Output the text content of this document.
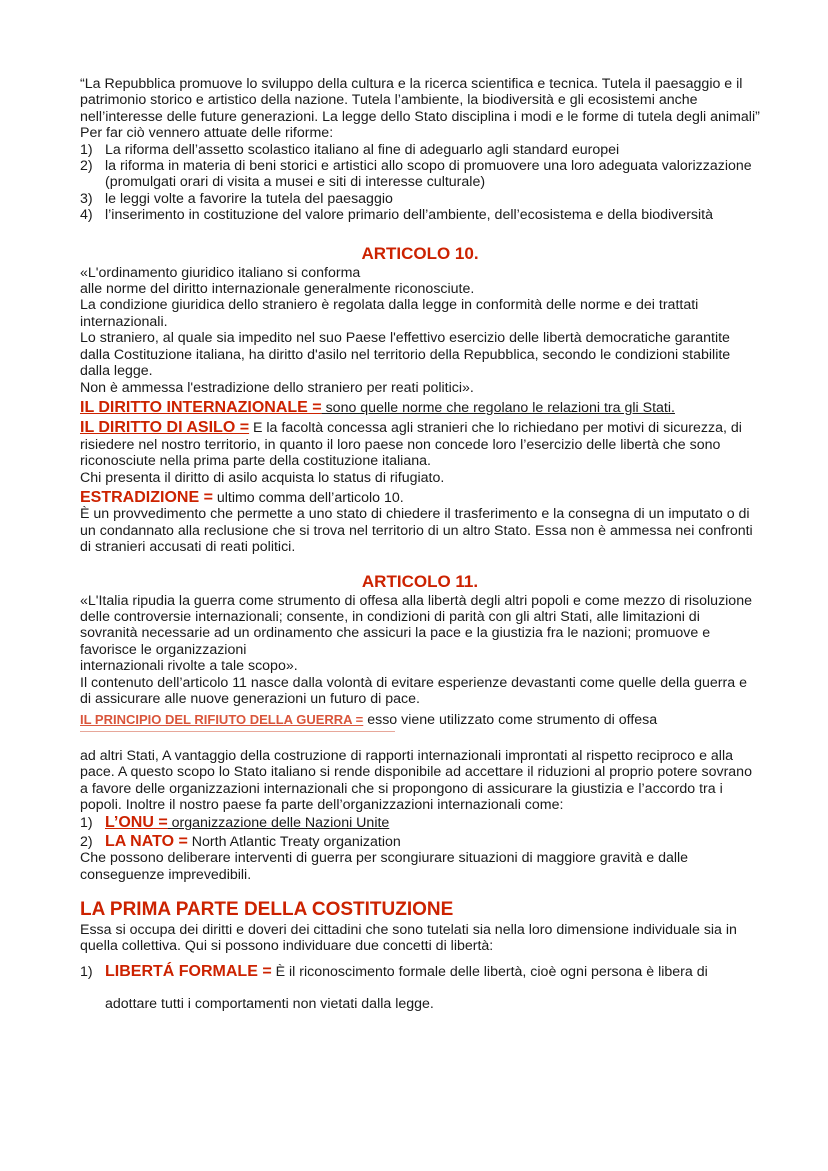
“La Repubblica promuove lo sviluppo della cultura e la ricerca scientifica e tecnica. Tutela il paesaggio e il patrimonio storico e artistico della nazione. Tutela l’ambiente, la biodiversità e gli ecosistemi anche nell’interesse delle future generazioni. La legge dello Stato disciplina i modi e le forme di tutela degli animali”

Per far ciò vennero attuate delle riforme:

1) La riforma dell’assetto scolastico italiano al fine di adeguarlo agli standard europei
2) la riforma in materia di beni storici e artistici allo scopo di promuovere una loro adeguata valorizzazione (promulgati orari di visita a musei e siti di interesse culturale)
3) le leggi volte a favorire la tutela del paesaggio
4) l’inserimento in costituzione del valore primario dell’ambiente, dell’ecosistema e della biodiversità
ARTICOLO 10.

«L'ordinamento giuridico italiano si conforma

alle norme del diritto internazionale generalmente riconosciute.

La condizione giuridica dello straniero è regolata dalla legge in conformità delle norme e dei trattati internazionali.

Lo straniero, al quale sia impedito nel suo Paese l'effettivo esercizio delle libertà democratiche garantite dalla Costituzione italiana, ha diritto d'asilo nel territorio della Repubblica, secondo le condizioni stabilite dalla legge.

Non è ammessa l'estradizione dello straniero per reati politici».

IL DIRITTO INTERNAZIONALE = sono quelle norme che regolano le relazioni tra gli Stati.

IL DIRITTO DI ASILO = E la facoltà concessa agli stranieri che lo richiedano per motivi di sicurezza, di risiedere nel nostro territorio, in quanto il loro paese non concede loro l’esercizio delle libertà che sono riconosciute nella prima parte della costituzione italiana.

Chi presenta il diritto di asilo acquista lo status di rifugiato.

ESTRADIZIONE = ultimo comma dell’articolo 10.

È un provvedimento che permette a uno stato di chiedere il trasferimento e la consegna di un imputato o di un condannato alla reclusione che si trova nel territorio di un altro Stato. Essa non è ammessa nei confronti di stranieri accusati di reati politici.

ARTICOLO 11.

«L'Italia ripudia la guerra come strumento di offesa alla libertà degli altri popoli e come mezzo di risoluzione delle controversie internazionali; consente, in condizioni di parità con gli altri Stati, alle limitazioni di sovranità necessarie ad un ordinamento che assicuri la pace e la giustizia fra le nazioni; promuove e favorisce le organizzazioni

internazionali rivolte a tale scopo».

Il contenuto dell’articolo 11 nasce dalla volontà di evitare esperienze devastanti come quelle della guerra e di assicurare alle nuove generazioni un futuro di pace.

IL PRINCIPIO DEL RIFIUTO DELLA GUERRA = esso viene utilizzato come strumento di offesa

ad altri Stati, A vantaggio della costruzione di rapporti internazionali improntati al rispetto reciproco e alla pace. A questo scopo lo Stato italiano si rende disponibile ad accettare il riduzioni al proprio potere sovrano a favore delle organizzazioni internazionali che si propongono di assicurare la giustizia e l’accordo tra i popoli. Inoltre il nostro paese fa parte dell’organizzazioni internazionali come:

1) L’ONU = organizzazione delle Nazioni Unite
2) LA NATO = North Atlantic Treaty organization

Che possono deliberare interventi di guerra per scongiurare situazioni di maggiore gravità e dalle conseguenze imprevedibili.

LA PRIMA PARTE DELLA COSTITUZIONE

Essa si occupa dei diritti e doveri dei cittadini che sono tutelati sia nella loro dimensione individuale sia in quella collettiva. Qui si possono individuare due concetti di libertà:

1) LIBERTÁ FORMALE = È il riconoscimento formale delle libertà, cioè ogni persona è libera di
adottare tutti i comportamenti non vietati dalla legge.
